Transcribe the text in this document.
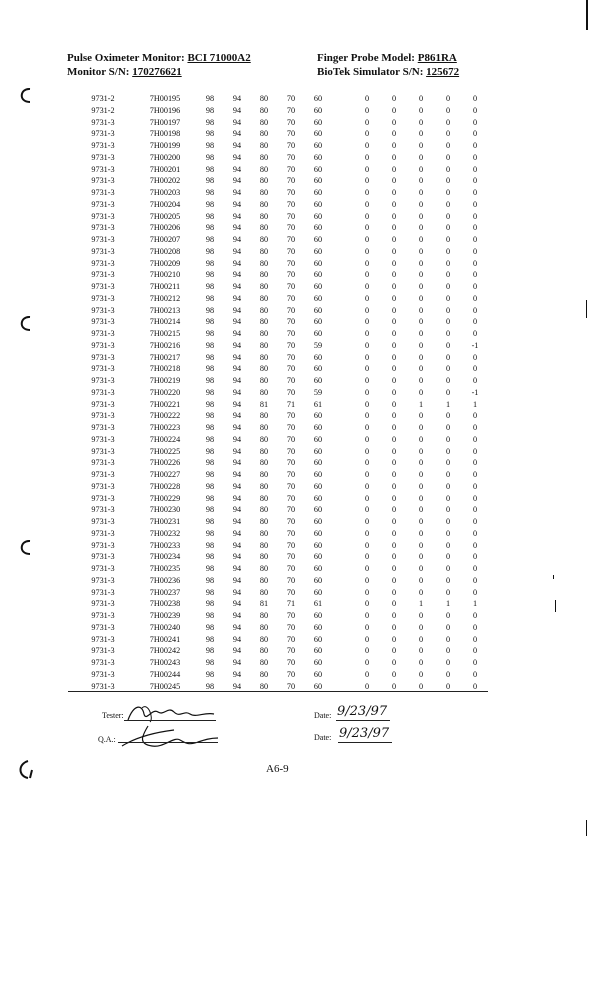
Pulse Oximeter Monitor: BCI 71000A2
Monitor S/N: 170276621
Finger Probe Model: P861RA
BioTek Simulator S/N: 125672
9731-2	7H00195	98	94	80	70	60	0	0	0	0	0
9731-2	7H00196	98	94	80	70	60	0	0	0	0	0
9731-3	7H00197	98	94	80	70	60	0	0	0	0	0
9731-3	7H00198	98	94	80	70	60	0	0	0	0	0
9731-3	7H00199	98	94	80	70	60	0	0	0	0	0
9731-3	7H00200	98	94	80	70	60	0	0	0	0	0
9731-3	7H00201	98	94	80	70	60	0	0	0	0	0
9731-3	7H00202	98	94	80	70	60	0	0	0	0	0
9731-3	7H00203	98	94	80	70	60	0	0	0	0	0
9731-3	7H00204	98	94	80	70	60	0	0	0	0	0
9731-3	7H00205	98	94	80	70	60	0	0	0	0	0
9731-3	7H00206	98	94	80	70	60	0	0	0	0	0
9731-3	7H00207	98	94	80	70	60	0	0	0	0	0
9731-3	7H00208	98	94	80	70	60	0	0	0	0	0
9731-3	7H00209	98	94	80	70	60	0	0	0	0	0
9731-3	7H00210	98	94	80	70	60	0	0	0	0	0
9731-3	7H00211	98	94	80	70	60	0	0	0	0	0
9731-3	7H00212	98	94	80	70	60	0	0	0	0	0
9731-3	7H00213	98	94	80	70	60	0	0	0	0	0
9731-3	7H00214	98	94	80	70	60	0	0	0	0	0
9731-3	7H00215	98	94	80	70	60	0	0	0	0	0
9731-3	7H00216	98	94	80	70	59	0	0	0	0	-1
9731-3	7H00217	98	94	80	70	60	0	0	0	0	0
9731-3	7H00218	98	94	80	70	60	0	0	0	0	0
9731-3	7H00219	98	94	80	70	60	0	0	0	0	0
9731-3	7H00220	98	94	80	70	59	0	0	0	0	-1
9731-3	7H00221	98	94	81	71	61	0	0	1	1	1
9731-3	7H00222	98	94	80	70	60	0	0	0	0	0
9731-3	7H00223	98	94	80	70	60	0	0	0	0	0
9731-3	7H00224	98	94	80	70	60	0	0	0	0	0
9731-3	7H00225	98	94	80	70	60	0	0	0	0	0
9731-3	7H00226	98	94	80	70	60	0	0	0	0	0
9731-3	7H00227	98	94	80	70	60	0	0	0	0	0
9731-3	7H00228	98	94	80	70	60	0	0	0	0	0
9731-3	7H00229	98	94	80	70	60	0	0	0	0	0
9731-3	7H00230	98	94	80	70	60	0	0	0	0	0
9731-3	7H00231	98	94	80	70	60	0	0	0	0	0
9731-3	7H00232	98	94	80	70	60	0	0	0	0	0
9731-3	7H00233	98	94	80	70	60	0	0	0	0	0
9731-3	7H00234	98	94	80	70	60	0	0	0	0	0
9731-3	7H00235	98	94	80	70	60	0	0	0	0	0
9731-3	7H00236	98	94	80	70	60	0	0	0	0	0
9731-3	7H00237	98	94	80	70	60	0	0	0	0	0
9731-3	7H00238	98	94	81	71	61	0	0	1	1	1
9731-3	7H00239	98	94	80	70	60	0	0	0	0	0
9731-3	7H00240	98	94	80	70	60	0	0	0	0	0
9731-3	7H00241	98	94	80	70	60	0	0	0	0	0
9731-3	7H00242	98	94	80	70	60	0	0	0	0	0
9731-3	7H00243	98	94	80	70	60	0	0	0	0	0
9731-3	7H00244	98	94	80	70	60	0	0	0	0	0
9731-3	7H00245	98	94	80	70	60	0	0	0	0	0
Tester:
Q.A.:
Date: 9/23/97
Date: 9/23/97
A6-9
